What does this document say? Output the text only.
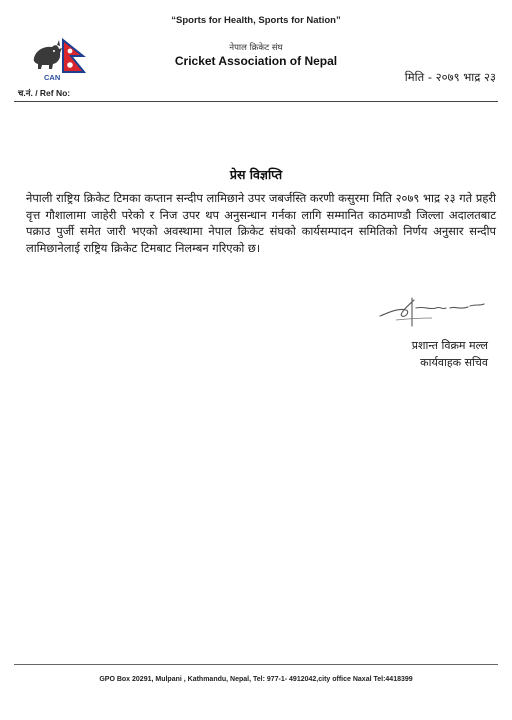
“Sports for Health, Sports for Nation”
CAN
नेपाल क्रिकेट संघ
Cricket Association of Nepal
मिति - २०७९ भाद्र २३
च.नं. / Ref No:
प्रेस विज्ञप्ति
नेपाली राष्ट्रिय क्रिकेट टिमका कप्तान सन्दीप लामिछाने उपर जबर्जस्ति करणी कसुरमा मिति २०७९ भाद्र २३ गते प्रहरी वृत्त गौशालामा जाहेरी परेको र निज उपर थप अनुसन्धान गर्नका लागि सम्मानित काठमाण्डौ जिल्ला अदालतबाट पक्राउ पुर्जी समेत जारी भएको अवस्थामा नेपाल क्रिकेट संघको कार्यसम्पादन समितिको निर्णय अनुसार सन्दीप लामिछानेलाई राष्ट्रिय क्रिकेट टिमबाट निलम्बन गरिएको छ।
प्रशान्त विक्रम मल्ल
कार्यवाहक सचिव
GPO Box 20291, Mulpani , Kathmandu, Nepal, Tel: 977-1- 4912042,city office Naxal Tel:4418399
